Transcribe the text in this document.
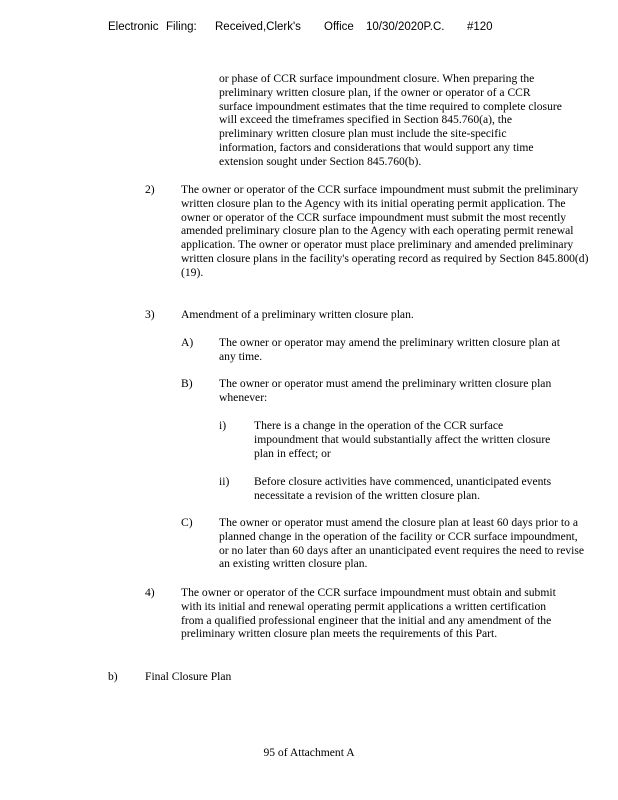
Electronic Filing: Received,Clerk's Office 10/30/2020P.C. #120
or phase of CCR surface impoundment closure. When preparing the preliminary written closure plan, if the owner or operator of a CCR surface impoundment estimates that the time required to complete closure will exceed the timeframes specified in Section 845.760(a), the preliminary written closure plan must include the site-specific information, factors and considerations that would support any time extension sought under Section 845.760(b).
2) The owner or operator of the CCR surface impoundment must submit the preliminary written closure plan to the Agency with its initial operating permit application. The owner or operator of the CCR surface impoundment must submit the most recently amended preliminary closure plan to the Agency with each operating permit renewal application. The owner or operator must place preliminary and amended preliminary written closure plans in the facility's operating record as required by Section 845.800(d)(19).
3) Amendment of a preliminary written closure plan.
A) The owner or operator may amend the preliminary written closure plan at any time.
B) The owner or operator must amend the preliminary written closure plan whenever:
i) There is a change in the operation of the CCR surface impoundment that would substantially affect the written closure plan in effect; or
ii) Before closure activities have commenced, unanticipated events necessitate a revision of the written closure plan.
C) The owner or operator must amend the closure plan at least 60 days prior to a planned change in the operation of the facility or CCR surface impoundment, or no later than 60 days after an unanticipated event requires the need to revise an existing written closure plan.
4) The owner or operator of the CCR surface impoundment must obtain and submit with its initial and renewal operating permit applications a written certification from a qualified professional engineer that the initial and any amendment of the preliminary written closure plan meets the requirements of this Part.
b) Final Closure Plan
95 of Attachment A
